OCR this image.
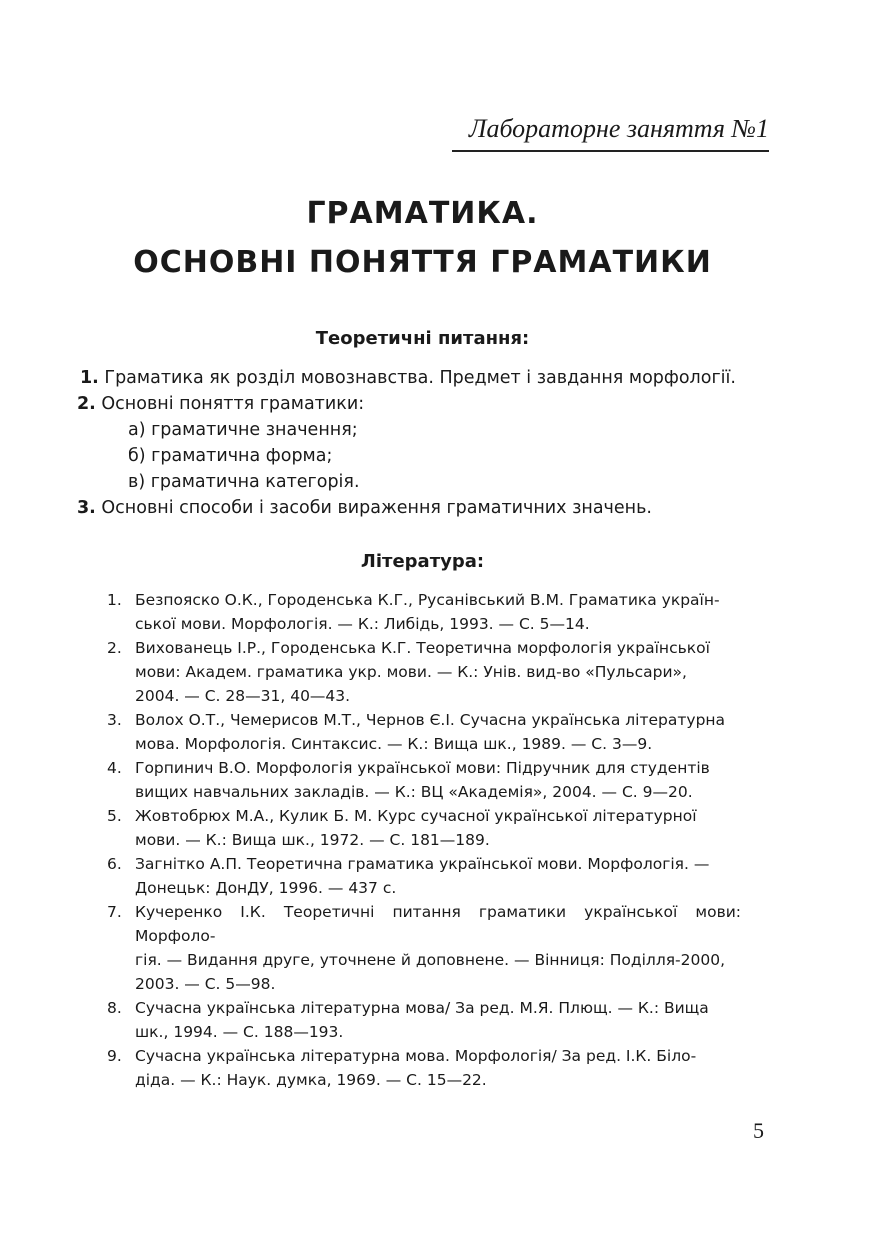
Лабораторне заняття №1
ГРАМАТИКА.
ОСНОВНІ ПОНЯТТЯ ГРАМАТИКИ
Теоретичні питання:
1. Граматика як розділ мовознавства. Предмет і завдання морфології.
2. Основні поняття граматики:
а) граматичне значення;
б) граматична форма;
в) граматична категорія.
3. Основні способи і засоби вираження граматичних значень.
Література:
1. Безпояско О.К., Городенська К.Г., Русанівський В.М. Граматика україн-
ської мови. Морфологія. — К.: Либідь, 1993. — С. 5—14.
2. Вихованець І.Р., Городенська К.Г. Теоретична морфологія української
мови: Академ. граматика укр. мови. — К.: Унів. вид-во «Пульсари»,
2004. — С. 28—31, 40—43.
3. Волох О.Т., Чемерисов М.Т., Чернов Є.І. Сучасна українська літературна
мова. Морфологія. Синтаксис. — К.: Вища шк., 1989. — С. 3—9.
4. Горпинич В.О. Морфологія української мови: Підручник для студентів
вищих навчальних закладів. — К.: ВЦ «Академія», 2004. — С. 9—20.
5. Жовтобрюх М.А., Кулик Б. М. Курс сучасної української літературної
мови. — К.: Вища шк., 1972. — С. 181—189.
6. Загнітко А.П. Теоретична граматика української мови. Морфологія. —
Донецьк: ДонДУ, 1996. — 437 с.
7. Кучеренко І.К. Теоретичні питання граматики української мови: Морфоло-
гія. — Видання друге, уточнене й доповнене. — Вінниця: Поділля-2000,
2003. — С. 5—98.
8. Сучасна українська літературна мова/ За ред. М.Я. Плющ. — К.: Вища
шк., 1994. — С. 188—193.
9. Сучасна українська літературна мова. Морфологія/ За ред. І.К. Біло-
діда. — К.: Наук. думка, 1969. — С. 15—22.
5
